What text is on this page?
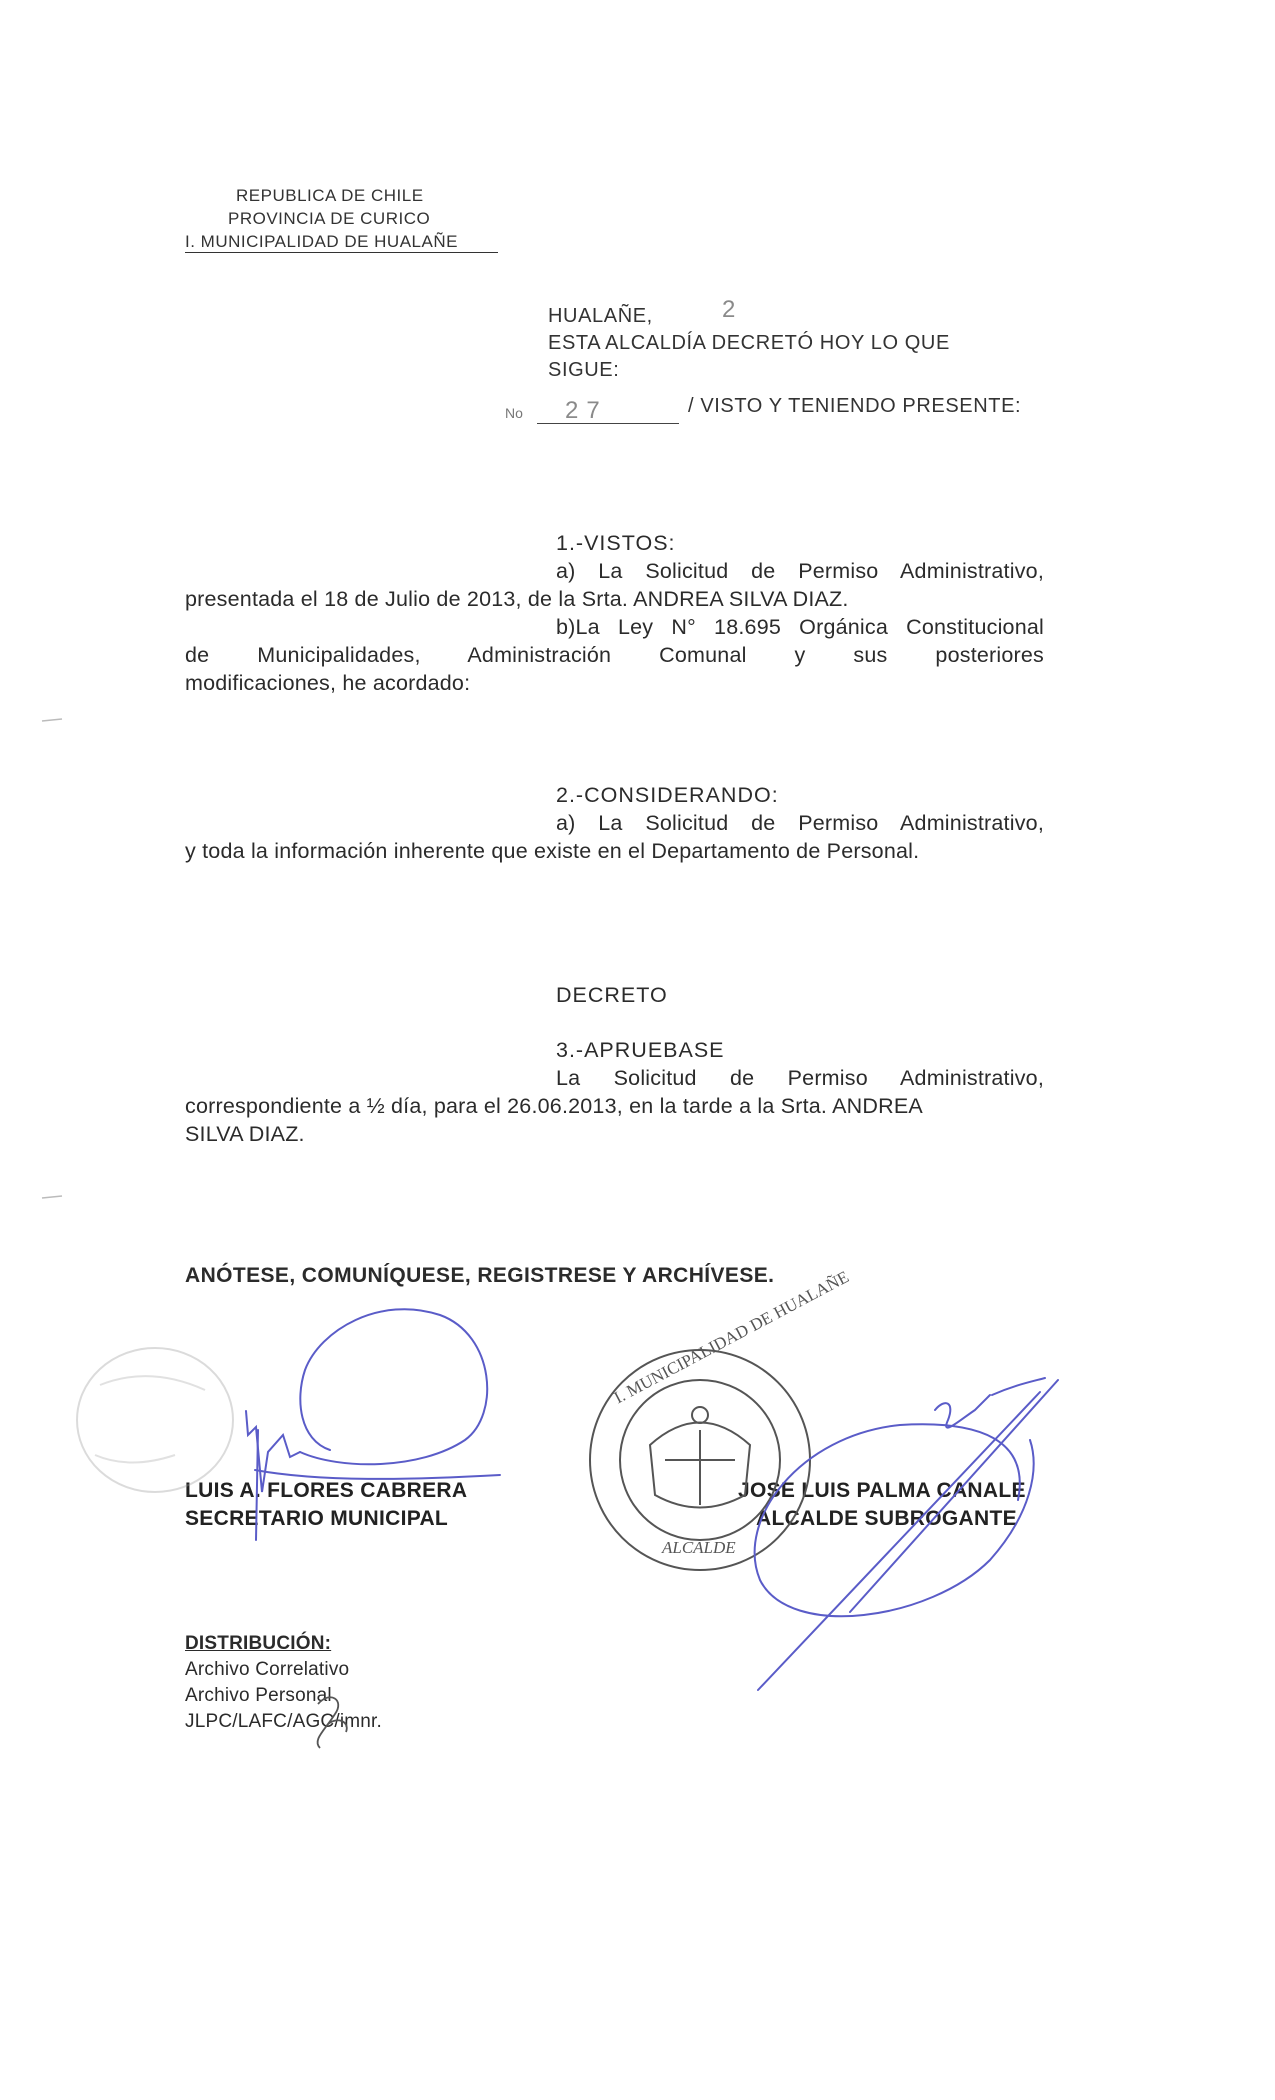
REPUBLICA DE CHILE
PROVINCIA DE CURICO
I. MUNICIPALIDAD DE HUALAÑE
HUALAÑE,	2
ESTA ALCALDÍA DECRETÓ HOY LO QUE
SIGUE:
No 27	/ VISTO Y TENIENDO PRESENTE:
1.-VISTOS:
a) La Solicitud de Permiso Administrativo,
presentada el 18 de Julio de 2013, de la Srta. ANDREA SILVA DIAZ.
b)La Ley N° 18.695 Orgánica Constitucional
de Municipalidades, Administración Comunal y sus posteriores
modificaciones, he acordado:
2.-CONSIDERANDO:
a) La Solicitud de Permiso Administrativo,
y toda la información inherente que existe en el Departamento de Personal.
DECRETO
3.-APRUEBASE
La Solicitud de Permiso Administrativo,
correspondiente a ½ día, para el 26.06.2013, en la tarde a la Srta. ANDREA
SILVA DIAZ.
ANÓTESE, COMUNÍQUESE, REGISTRESE Y ARCHÍVESE.
LUIS A. FLORES CABRERA
SECRETARIO MUNICIPAL
JOSE LUIS PALMA CANALE
ALCALDE SUBROGANTE
DISTRIBUCIÓN:
Archivo Correlativo
Archivo Personal
JLPC/LAFC/AGC/imnr.
I. MUNICIPALIDAD DE HUALAÑE
ALCALDE
